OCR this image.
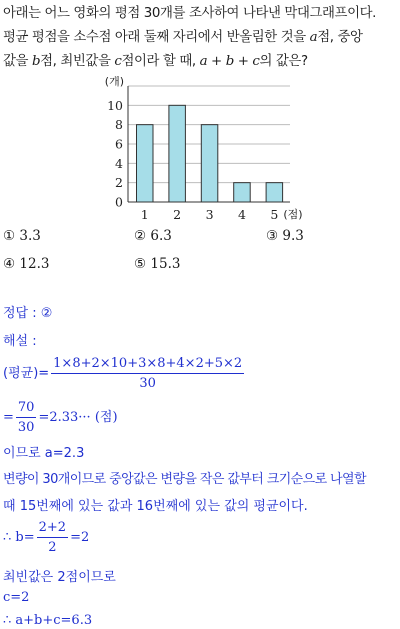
아래는 어느 영화의 평점 30개를 조사하여 나타낸 막대그래프이다.
평균 평점을 소수점 아래 둘째 자리에서 반올림한 것을 a점, 중앙
값을 b점, 최빈값을 c점이라 할 때, a + b + c의 값은?
0
2
4
6
8
10
(개)
1 2 3 4 5 (점)
① 3.3	② 6.3	③ 9.3
④ 12.3	⑤ 15.3
정답 : ②
해설 :
(평균)= $\frac{1\times 8+2\times 10+3\times 8+4\times 2+5\times 2}{30}$
= $\frac{70}{30} =2.33\cdot\cdot\cdot$ (점)
이므로 a=2.3
변량이 30개이므로 중앙값은 변량을 작은 값부터 크기순으로 나열할
때 15번째에 있는 값과 16번째에 있는 값의 평균이다.
∴ $b= \frac{2+2}{2} =2$
최빈값은 2점이므로
c=2
∴ a+b+c=6.3
